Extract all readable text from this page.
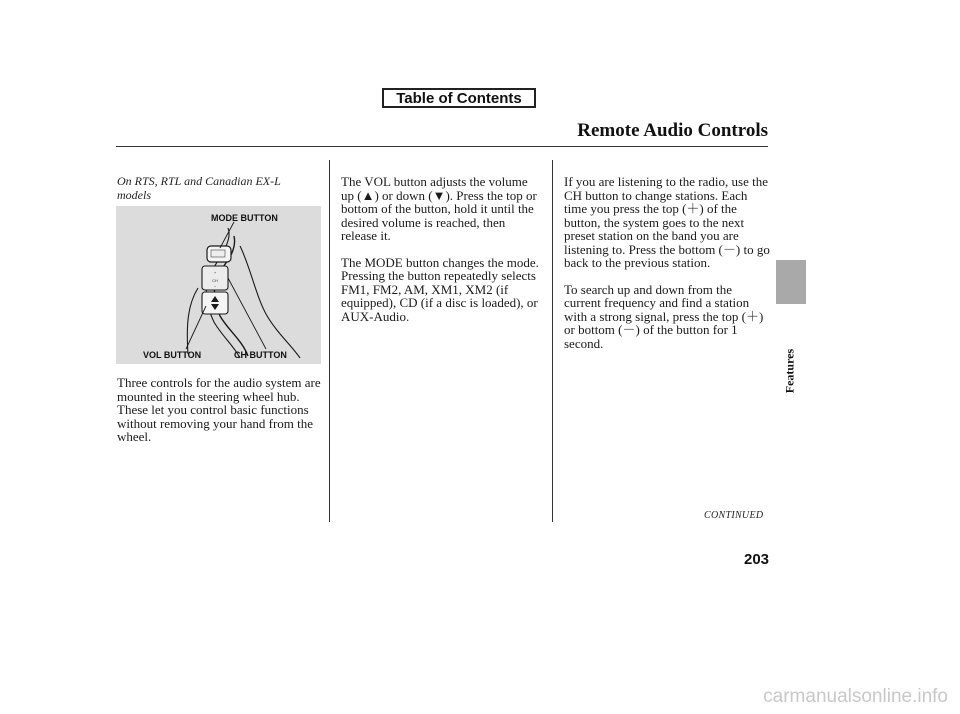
Table of Contents
Remote Audio Controls
Features
On RTS, RTL and Canadian EX-L models
+
CH
−
MODE BUTTON
VOL BUTTON	CH BUTTON

Three controls for the audio system are mounted in the steering wheel hub. These let you control basic functions without removing your hand from the wheel.

The VOL button adjusts the volume up (▲) or down (▼). Press the top or bottom of the button, hold it until the desired volume is reached, then release it.

The MODE button changes the mode. Pressing the button repeatedly selects FM1, FM2, AM, XM1, XM2 (if equipped), CD (if a disc is loaded), or AUX-Audio.

If you are listening to the radio, use the CH button to change stations. Each time you press the top (＋) of the button, the system goes to the next preset station on the band you are listening to. Press the bottom (－) to go back to the previous station.

To search up and down from the current frequency and find a station with a strong signal, press the top (＋) or bottom (－) of the button for 1 second.

CONTINUED
203
carmanualsonline.info
